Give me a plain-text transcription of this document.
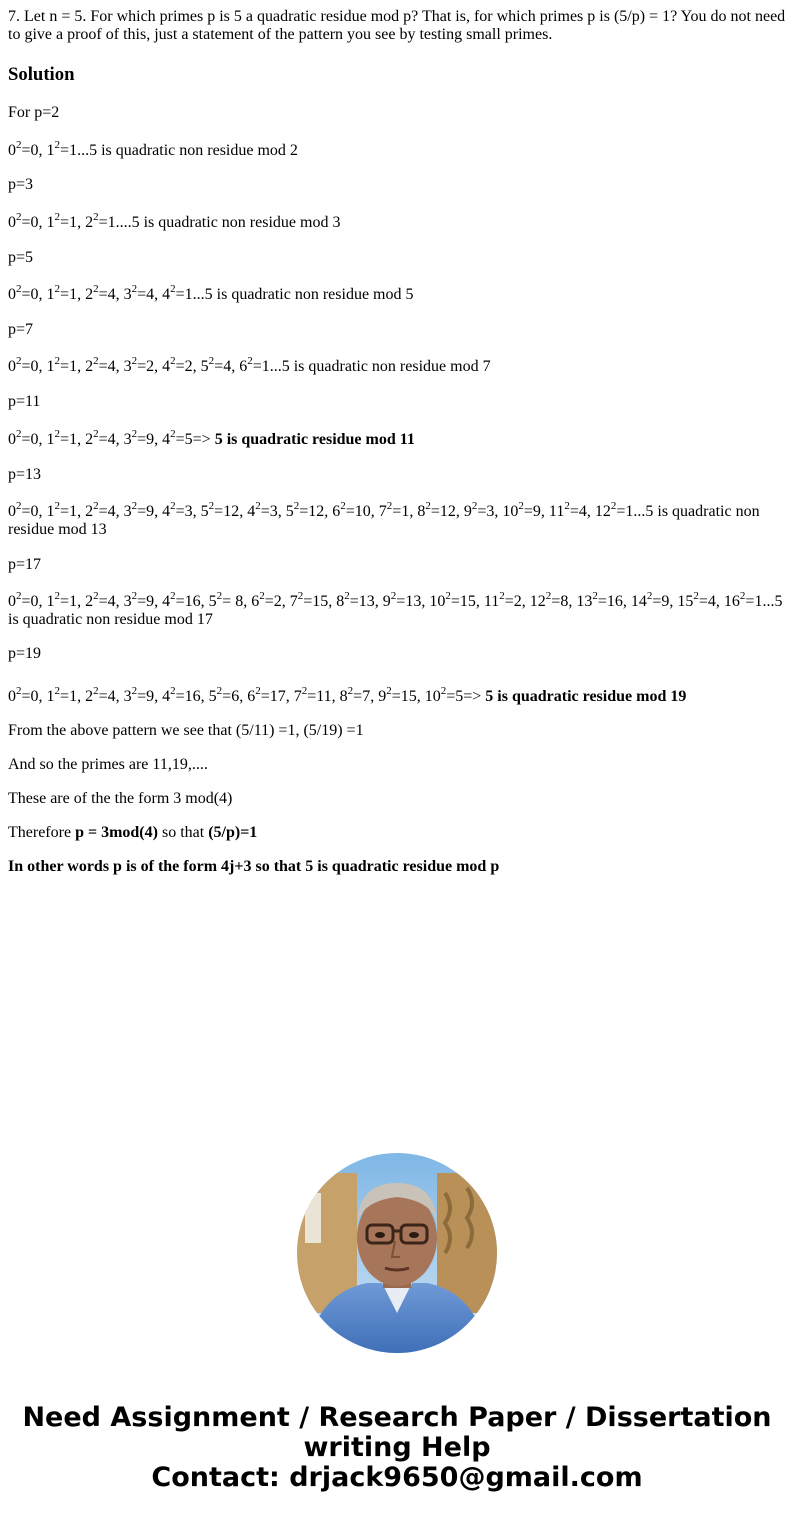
7. Let n = 5. For which primes p is 5 a quadratic residue mod p? That is, for which primes p is (5/p) = 1? You do not need to give a proof of this, just a statement of the pattern you see by testing small primes.

Solution

For p=2

$0^2=0$, $1^2=1...5$ is quadratic non residue mod 2

p=3

$0^2=0$, $1^2=1$, $2^2=1....5$ is quadratic non residue mod 3

p=5

$0^2=0$, $1^2=1$, $2^2=4$, $3^2=4$, $4^2=1...5$ is quadratic non residue mod 5

p=7

$0^2=0$, $1^2=1$, $2^2=4$, $3^2=2$, $4^2=2$, $5^2=4$, $6^2=1...5$ is quadratic non residue mod 7

p=11

$0^2=0$, $1^2=1$, $2^2=4$, $3^2=9$, $4^2=5=> 5$ is quadratic residue mod 11

p=13

$0^2=0$, $1^2=1$, $2^2=4$, $3^2=9$, $4^2=3$, $5^2=12$, $4^2=3$, $5^2=12$, $6^2=10$, $7^2=1$, $8^2=12$, $9^2=3$, $10^2=9$, $11^2=4$, $12^2=1...5$ is quadratic non residue mod 13

p=17

$0^2=0$, $1^2=1$, $2^2=4$, $3^2=9$, $4^2=16$, $5^2= 8$, $6^2=2$, $7^2=15$, $8^2=13$, $9^2=13$, $10^2=15$, $11^2=2$, $12^2=8$, $13^2=16$, $14^2=9$, $15^2=4$, $16^2=1...5$ is quadratic non residue mod 17

p=19

$0^2=0$, $1^2=1$, $2^2=4$, $3^2=9$, $4^2=16$, $5^2=6$, $6^2=17$, $7^2=11$, $8^2=7$, $9^2=15$, $10^2=5=> 5$ is quadratic residue mod 19

From the above pattern we see that (5/11) =1, (5/19) =1

And so the primes are 11,19,....

These are of the the form 3 mod(4)

Therefore p = 3mod(4) so that (5/p)=1

In other words p is of the form 4j+3 so that 5 is quadratic residue mod p

Need Assignment / Research Paper / Dissertation
writing Help
Contact: drjack9650@gmail.com
